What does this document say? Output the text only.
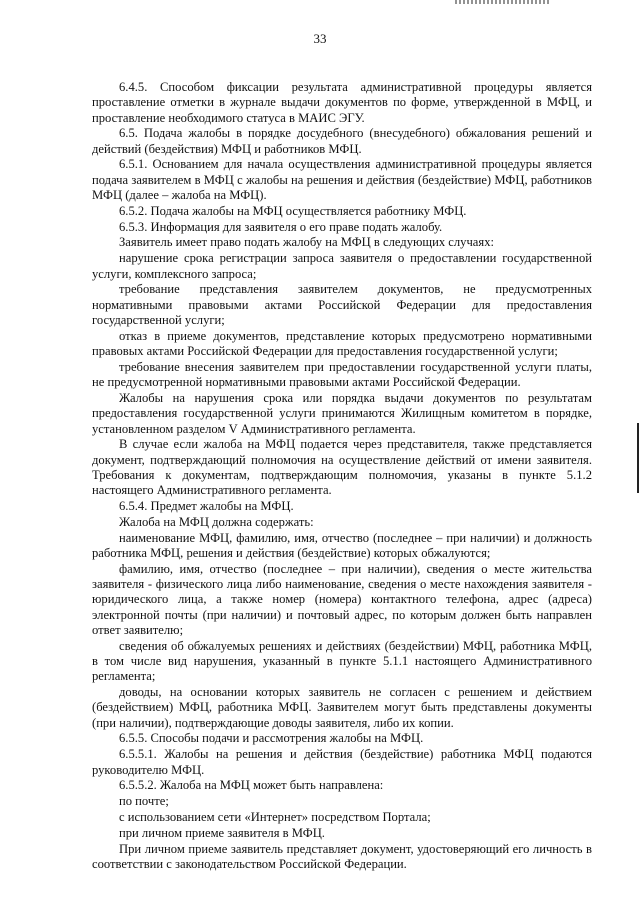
33

6.4.5. Способом фиксации результата административной процедуры является проставление отметки в журнале выдачи документов по форме, утвержденной в МФЦ, и проставление необходимого статуса в МАИС ЭГУ.

6.5. Подача жалобы в порядке досудебного (внесудебного) обжалования решений и действий (бездействия) МФЦ и работников МФЦ.

6.5.1. Основанием для начала осуществления административной процедуры является подача заявителем в МФЦ с жалобы на решения и действия (бездействие) МФЦ, работников МФЦ (далее – жалоба на МФЦ).

6.5.2. Подача жалобы на МФЦ осуществляется работнику МФЦ.

6.5.3. Информация для заявителя о его праве подать жалобу.

Заявитель имеет право подать жалобу на МФЦ в следующих случаях:

нарушение срока регистрации запроса заявителя о предоставлении государственной услуги, комплексного запроса;

требование представления заявителем документов, не предусмотренных нормативными правовыми актами Российской Федерации для предоставления государственной услуги;

отказ в приеме документов, представление которых предусмотрено нормативными правовых актами Российской Федерации для предоставления государственной услуги;

требование внесения заявителем при предоставлении государственной услуги платы, не предусмотренной нормативными правовыми актами Российской Федерации.

Жалобы на нарушения срока или порядка выдачи документов по результатам предоставления государственной услуги принимаются Жилищным комитетом в порядке, установленном разделом V Административного регламента.

В случае если жалоба на МФЦ подается через представителя, также представляется документ, подтверждающий полномочия на осуществление действий от имени заявителя. Требования к документам, подтверждающим полномочия, указаны в пункте 5.1.2 настоящего Административного регламента.

6.5.4. Предмет жалобы на МФЦ.

Жалоба на МФЦ должна содержать:

наименование МФЦ, фамилию, имя, отчество (последнее – при наличии) и должность работника МФЦ, решения и действия (бездействие) которых обжалуются;

фамилию, имя, отчество (последнее – при наличии), сведения о месте жительства заявителя - физического лица либо наименование, сведения о месте нахождения заявителя - юридического лица, а также номер (номера) контактного телефона, адрес (адреса) электронной почты (при наличии) и почтовый адрес, по которым должен быть направлен ответ заявителю;

сведения об обжалуемых решениях и действиях (бездействии) МФЦ, работника МФЦ, в том числе вид нарушения, указанный в пункте 5.1.1 настоящего Административного регламента;

доводы, на основании которых заявитель не согласен с решением и действием (бездействием) МФЦ, работника МФЦ. Заявителем могут быть представлены документы (при наличии), подтверждающие доводы заявителя, либо их копии.

6.5.5. Способы подачи и рассмотрения жалобы на МФЦ.

6.5.5.1. Жалобы на решения и действия (бездействие) работника МФЦ подаются руководителю МФЦ.

6.5.5.2. Жалоба на МФЦ может быть направлена:

по почте;

с использованием сети «Интернет» посредством Портала;

при личном приеме заявителя в МФЦ.

При личном приеме заявитель представляет документ, удостоверяющий его личность в соответствии с законодательством Российской Федерации.
